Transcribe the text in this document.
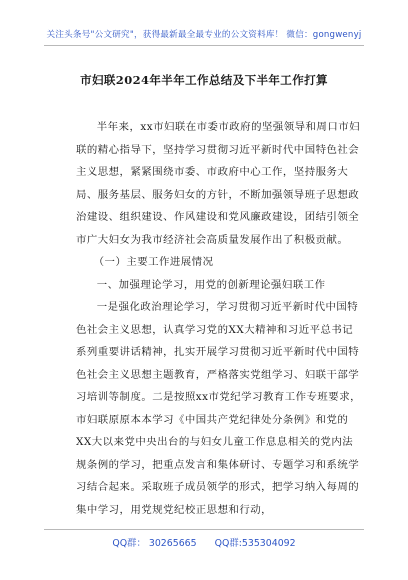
关注头条号"公文研究"，获得最新最全最专业的公文资料库！ 微信：gongwenyj
市妇联2024年半年工作总结及下半年工作打算

半年来，xx市妇联在市委市政府的坚强领导和周口市妇联的精心指导下，坚持学习贯彻习近平新时代中国特色社会主义思想，紧紧围绕市委、市政府中心工作，坚持服务大局、服务基层、服务妇女的方针，不断加强领导班子思想政治建设、组织建设、作风建设和党风廉政建设，团结引领全市广大妇女为我市经济社会高质量发展作出了积极贡献。

（一）主要工作进展情况

一、加强理论学习，用党的创新理论强妇联工作

一是强化政治理论学习，学习贯彻习近平新时代中国特色社会主义思想，认真学习党的XX大精神和习近平总书记系列重要讲话精神，扎实开展学习贯彻习近平新时代中国特色社会主义思想主题教育，严格落实党组学习、妇联干部学习培训等制度。二是按照xx市党纪学习教育工作专班要求，市妇联原原本本学习《中国共产党纪律处分条例》和党的XX大以来党中央出台的与妇女儿童工作息息相关的党内法规条例的学习，把重点发言和集体研讨、专题学习和系统学习结合起来。采取班子成员领学的形式，把学习纳入每周的集中学习，用党规党纪校正思想和行动，

QQ群： 30265665 QQ群:535304092
